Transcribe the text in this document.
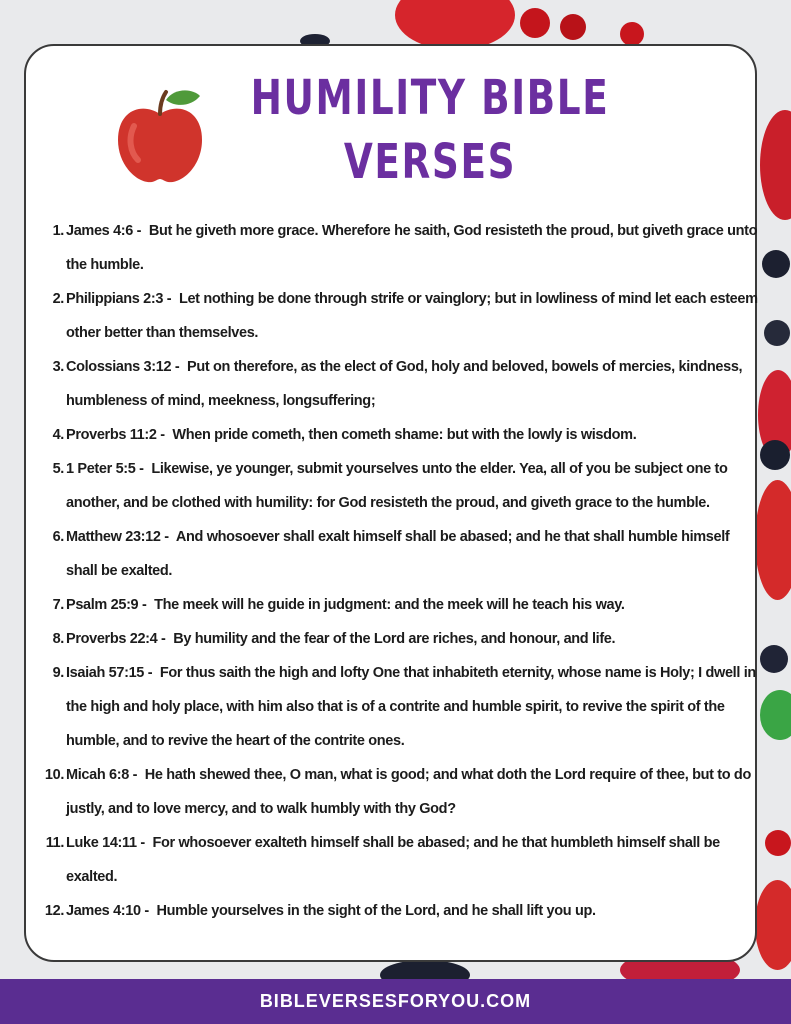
HUMILITY BIBLE
VERSES
1. James 4:6 - But he giveth more grace. Wherefore he saith, God resisteth the proud, but giveth grace unto the humble.
2. Philippians 2:3 - Let nothing be done through strife or vainglory; but in lowliness of mind let each esteem other better than themselves.
3. Colossians 3:12 - Put on therefore, as the elect of God, holy and beloved, bowels of mercies, kindness, humbleness of mind, meekness, longsuffering;
4. Proverbs 11:2 - When pride cometh, then cometh shame: but with the lowly is wisdom.
5. 1 Peter 5:5 - Likewise, ye younger, submit yourselves unto the elder. Yea, all of you be subject one to another, and be clothed with humility: for God resisteth the proud, and giveth grace to the humble.
6. Matthew 23:12 - And whosoever shall exalt himself shall be abased; and he that shall humble himself shall be exalted.
7. Psalm 25:9 - The meek will he guide in judgment: and the meek will he teach his way.
8. Proverbs 22:4 - By humility and the fear of the Lord are riches, and honour, and life.
9. Isaiah 57:15 - For thus saith the high and lofty One that inhabiteth eternity, whose name is Holy; I dwell in the high and holy place, with him also that is of a contrite and humble spirit, to revive the spirit of the humble, and to revive the heart of the contrite ones.
10. Micah 6:8 - He hath shewed thee, O man, what is good; and what doth the Lord require of thee, but to do justly, and to love mercy, and to walk humbly with thy God?
11. Luke 14:11 - For whosoever exalteth himself shall be abased; and he that humbleth himself shall be exalted.
12. James 4:10 - Humble yourselves in the sight of the Lord, and he shall lift you up.
BIBLEVERSESFORYOU.COM
